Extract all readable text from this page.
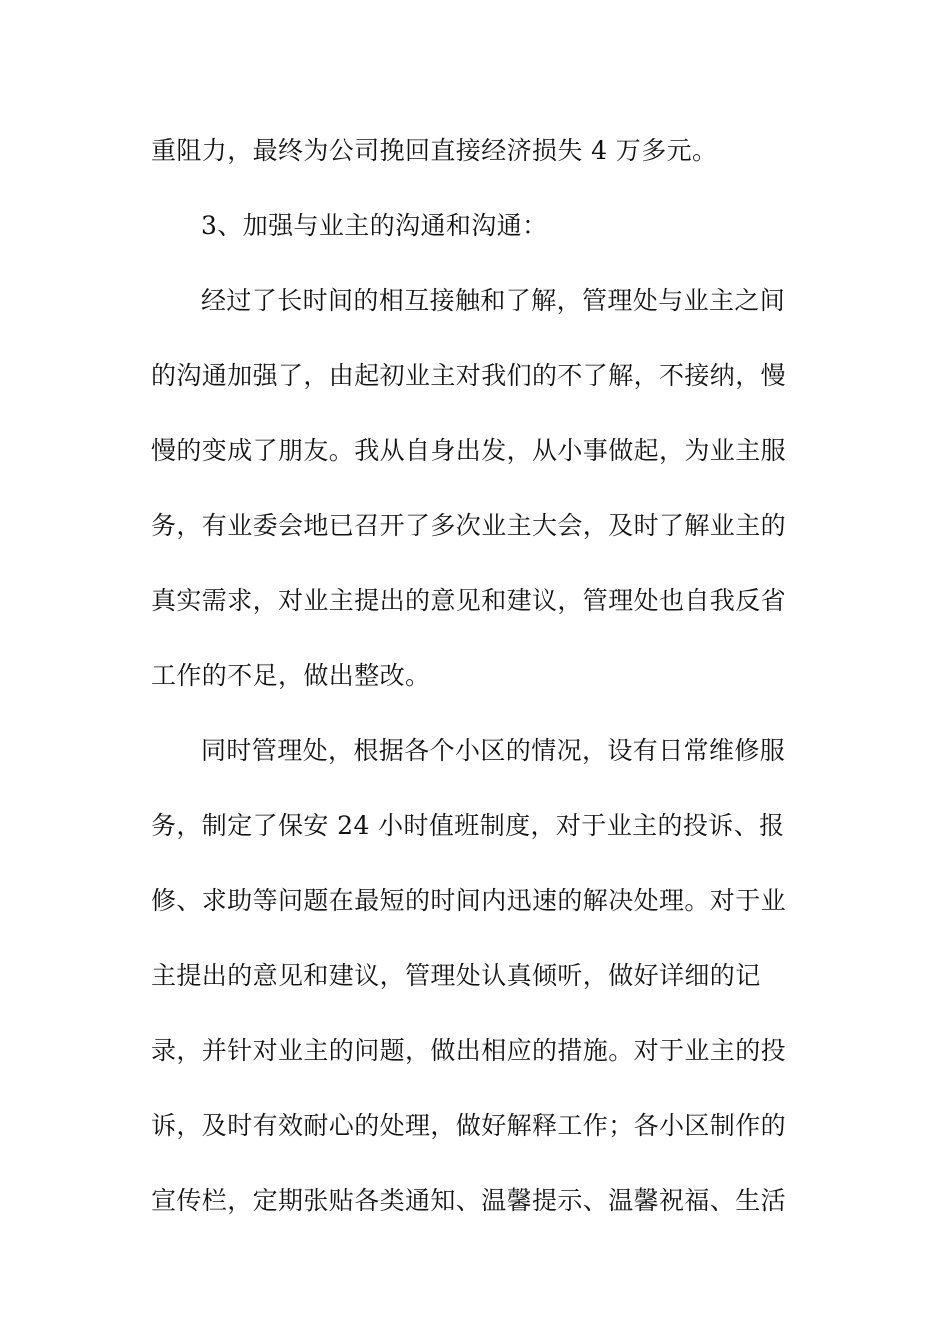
重阻力，最终为公司挽回直接经济损失 4 万多元。
3、加强与业主的沟通和沟通：
经过了长时间的相互接触和了解，管理处与业主之间
的沟通加强了，由起初业主对我们的不了解，不接纳，慢
慢的变成了朋友。我从自身出发，从小事做起，为业主服
务，有业委会地已召开了多次业主大会，及时了解业主的
真实需求，对业主提出的意见和建议，管理处也自我反省
工作的不足，做出整改。
同时管理处，根据各个小区的情况，设有日常维修服
务，制定了保安 24 小时值班制度，对于业主的投诉、报
修、求助等问题在最短的时间内迅速的解决处理。对于业
主提出的意见和建议，管理处认真倾听，做好详细的记
录，并针对业主的问题，做出相应的措施。对于业主的投
诉，及时有效耐心的处理，做好解释工作；各小区制作的
宣传栏，定期张贴各类通知、温馨提示、温馨祝福、生活
